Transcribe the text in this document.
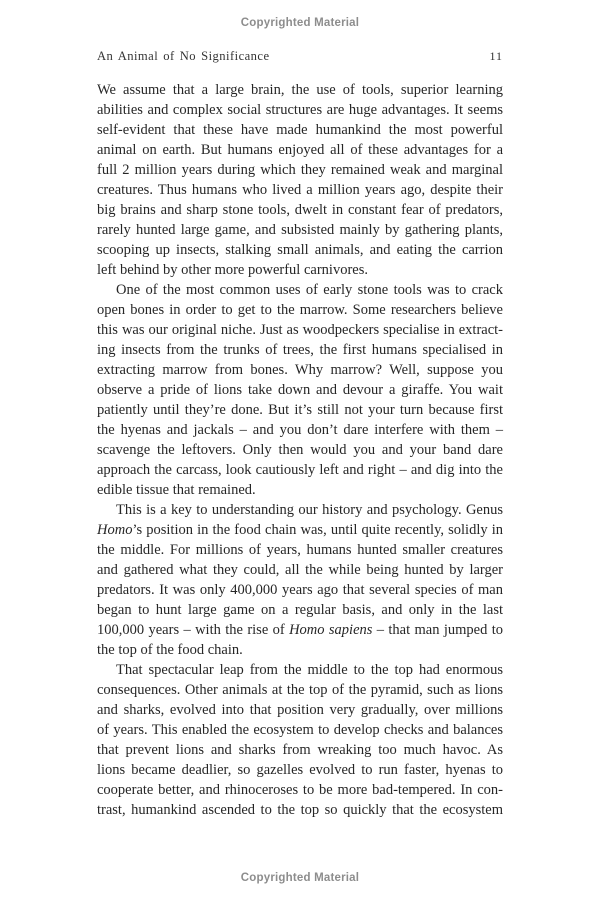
Copyrighted Material
An Animal of No Significance	11
We assume that a large brain, the use of tools, superior learning
abilities and complex social structures are huge advantages. It seems
self-evident that these have made humankind the most powerful
animal on earth. But humans enjoyed all of these advantages for a
full 2 million years during which they remained weak and marginal
creatures. Thus humans who lived a million years ago, despite their
big brains and sharp stone tools, dwelt in constant fear of predators,
rarely hunted large game, and subsisted mainly by gathering plants,
scooping up insects, stalking small animals, and eating the carrion
left behind by other more powerful carnivores.
One of the most common uses of early stone tools was to crack
open bones in order to get to the marrow. Some researchers believe
this was our original niche. Just as woodpeckers specialise in extract-
ing insects from the trunks of trees, the first humans specialised in
extracting marrow from bones. Why marrow? Well, suppose you
observe a pride of lions take down and devour a giraffe. You wait
patiently until they’re done. But it’s still not your turn because first
the hyenas and jackals – and you don’t dare interfere with them –
scavenge the leftovers. Only then would you and your band dare
approach the carcass, look cautiously left and right – and dig into the
edible tissue that remained.
This is a key to understanding our history and psychology. Genus
Homo’s position in the food chain was, until quite recently, solidly in
the middle. For millions of years, humans hunted smaller creatures
and gathered what they could, all the while being hunted by larger
predators. It was only 400,000 years ago that several species of man
began to hunt large game on a regular basis, and only in the last
100,000 years – with the rise of Homo sapiens – that man jumped to
the top of the food chain.
That spectacular leap from the middle to the top had enormous
consequences. Other animals at the top of the pyramid, such as lions
and sharks, evolved into that position very gradually, over millions
of years. This enabled the ecosystem to develop checks and balances
that prevent lions and sharks from wreaking too much havoc. As
lions became deadlier, so gazelles evolved to run faster, hyenas to
cooperate better, and rhinoceroses to be more bad-tempered. In con-
trast, humankind ascended to the top so quickly that the ecosystem
Copyrighted Material
